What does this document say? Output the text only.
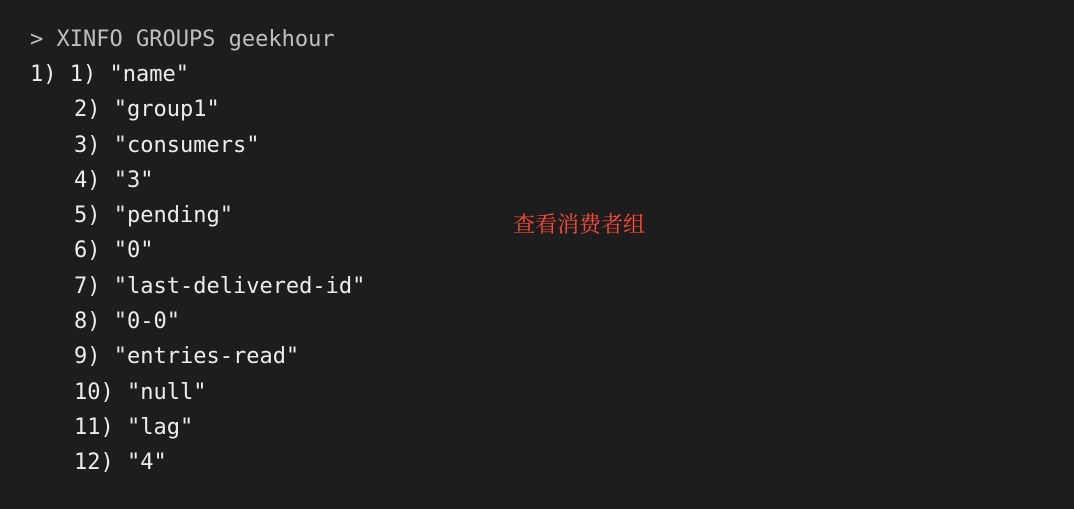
> XINFO GROUPS geekhour
1) 1) "name"
2) "group1"
3) "consumers"
4) "3"
5) "pending"
6) "0"
7) "last-delivered-id"
8) "0-0"
9) "entries-read"
10) "null"
11) "lag"
12) "4"
查看消费者组
